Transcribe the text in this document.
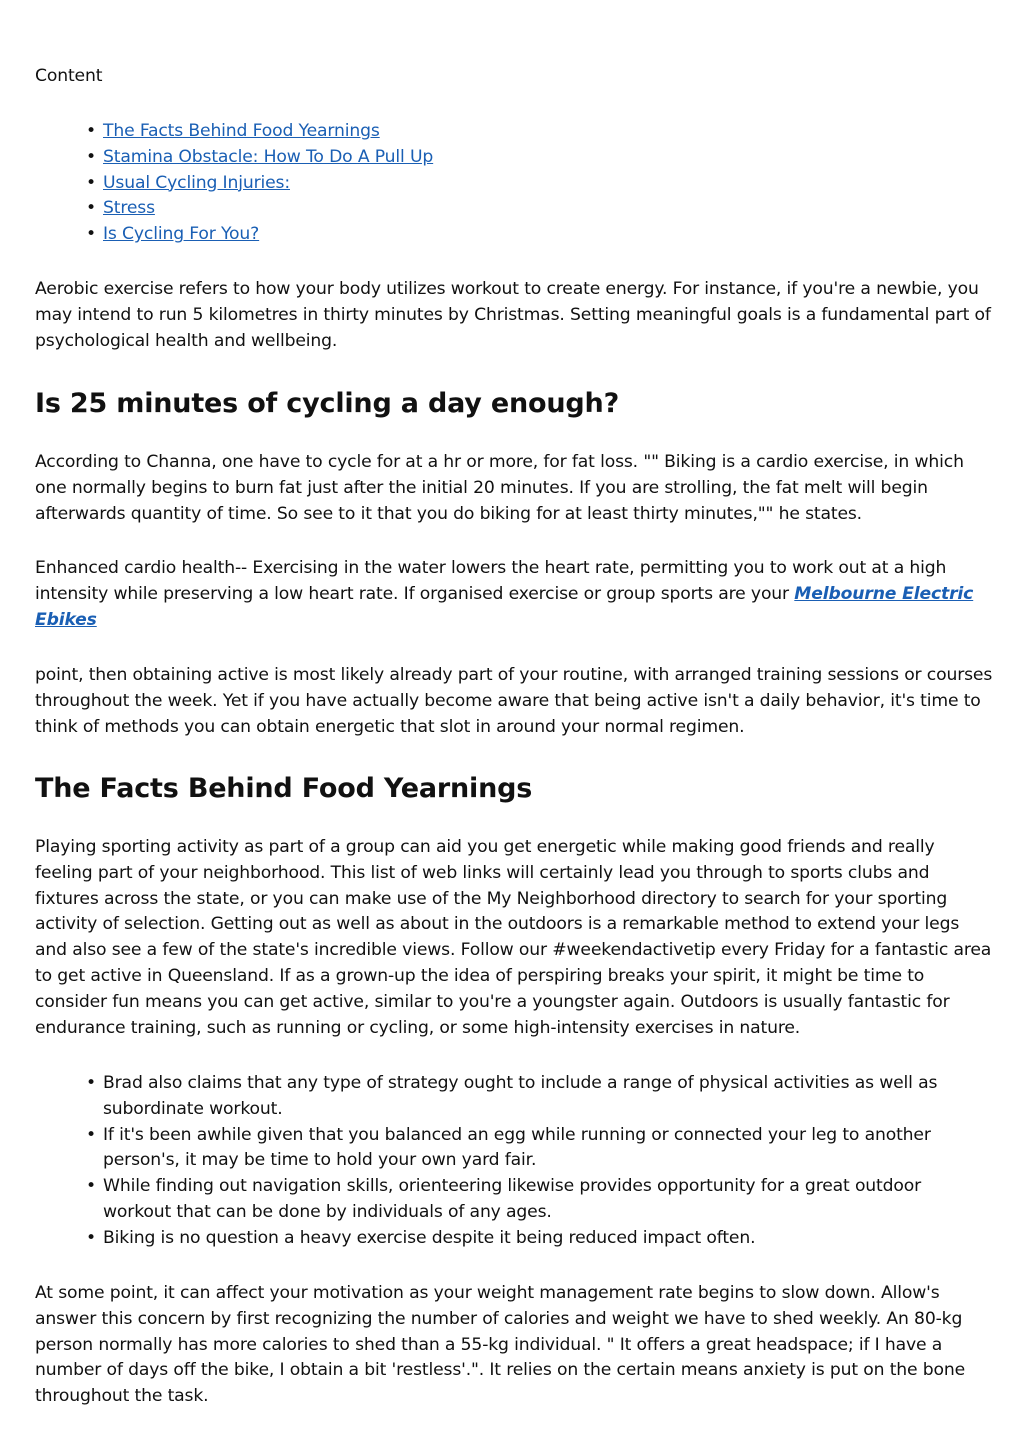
Content

• The Facts Behind Food Yearnings
• Stamina Obstacle: How To Do A Pull Up
• Usual Cycling Injuries:
• Stress
• Is Cycling For You?

Aerobic exercise refers to how your body utilizes workout to create energy. For instance, if you're a newbie, you may intend to run 5 kilometres in thirty minutes by Christmas. Setting meaningful goals is a fundamental part of psychological health and wellbeing.

Is 25 minutes of cycling a day enough?

According to Channa, one have to cycle for at a hr or more, for fat loss. "" Biking is a cardio exercise, in which one normally begins to burn fat just after the initial 20 minutes. If you are strolling, the fat melt will begin afterwards quantity of time. So see to it that you do biking for at least thirty minutes,"" he states.

Enhanced cardio health-- Exercising in the water lowers the heart rate, permitting you to work out at a high intensity while preserving a low heart rate. If organised exercise or group sports are your Melbourne Electric Ebikes

point, then obtaining active is most likely already part of your routine, with arranged training sessions or courses throughout the week. Yet if you have actually become aware that being active isn't a daily behavior, it's time to think of methods you can obtain energetic that slot in around your normal regimen.

The Facts Behind Food Yearnings

Playing sporting activity as part of a group can aid you get energetic while making good friends and really feeling part of your neighborhood. This list of web links will certainly lead you through to sports clubs and fixtures across the state, or you can make use of the My Neighborhood directory to search for your sporting activity of selection. Getting out as well as about in the outdoors is a remarkable method to extend your legs and also see a few of the state's incredible views. Follow our #weekendactivetip every Friday for a fantastic area to get active in Queensland. If as a grown-up the idea of perspiring breaks your spirit, it might be time to consider fun means you can get active, similar to you're a youngster again. Outdoors is usually fantastic for endurance training, such as running or cycling, or some high-intensity exercises in nature.

• Brad also claims that any type of strategy ought to include a range of physical activities as well as subordinate workout.
• If it's been awhile given that you balanced an egg while running or connected your leg to another person's, it may be time to hold your own yard fair.
• While finding out navigation skills, orienteering likewise provides opportunity for a great outdoor workout that can be done by individuals of any ages.
• Biking is no question a heavy exercise despite it being reduced impact often.

At some point, it can affect your motivation as your weight management rate begins to slow down. Allow's answer this concern by first recognizing the number of calories and weight we have to shed weekly. An 80-kg person normally has more calories to shed than a 55-kg individual. " It offers a great headspace; if I have a number of days off the bike, I obtain a bit 'restless'.". It relies on the certain means anxiety is put on the bone throughout the task.
